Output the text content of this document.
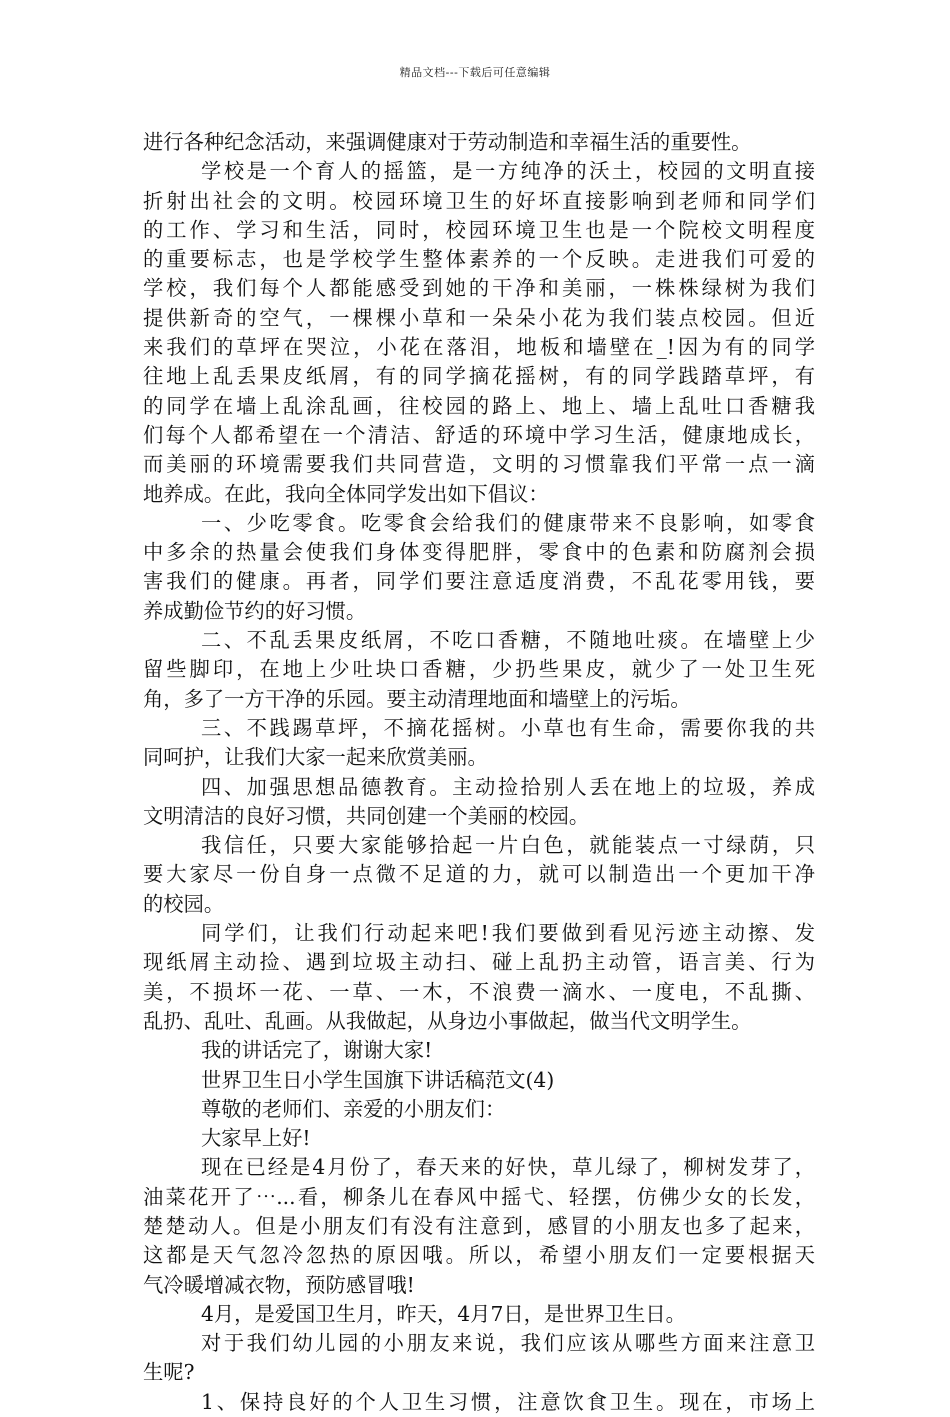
精品文档---下载后可任意编辑
进行各种纪念活动，来强调健康对于劳动制造和幸福生活的重要性。
学校是一个育人的摇篮，是一方纯净的沃土，校园的文明直接
折射出社会的文明。校园环境卫生的好坏直接影响到老师和同学们
的工作、学习和生活，同时，校园环境卫生也是一个院校文明程度
的重要标志，也是学校学生整体素养的一个反映。走进我们可爱的
学校，我们每个人都能感受到她的干净和美丽，一株株绿树为我们
提供新奇的空气，一棵棵小草和一朵朵小花为我们装点校园。但近
来我们的草坪在哭泣，小花在落泪，地板和墙壁在_!因为有的同学
往地上乱丢果皮纸屑，有的同学摘花摇树，有的同学践踏草坪，有
的同学在墙上乱涂乱画，往校园的路上、地上、墙上乱吐口香糖我
们每个人都希望在一个清洁、舒适的环境中学习生活，健康地成长，
而美丽的环境需要我们共同营造，文明的习惯靠我们平常一点一滴
地养成。在此，我向全体同学发出如下倡议：
一、少吃零食。吃零食会给我们的健康带来不良影响，如零食
中多余的热量会使我们身体变得肥胖，零食中的色素和防腐剂会损
害我们的健康。再者，同学们要注意适度消费，不乱花零用钱，要
养成勤俭节约的好习惯。
二、不乱丢果皮纸屑，不吃口香糖，不随地吐痰。在墙壁上少
留些脚印，在地上少吐块口香糖，少扔些果皮，就少了一处卫生死
角，多了一方干净的乐园。要主动清理地面和墙壁上的污垢。
三、不践踢草坪，不摘花摇树。小草也有生命，需要你我的共
同呵护，让我们大家一起来欣赏美丽。
四、加强思想品德教育。主动捡拾别人丢在地上的垃圾，养成
文明清洁的良好习惯，共同创建一个美丽的校园。
我信任，只要大家能够拾起一片白色，就能装点一寸绿荫，只
要大家尽一份自身一点微不足道的力，就可以制造出一个更加干净
的校园。
同学们，让我们行动起来吧!我们要做到看见污迹主动擦、发
现纸屑主动捡、遇到垃圾主动扫、碰上乱扔主动管，语言美、行为
美，不损坏一花、一草、一木，不浪费一滴水、一度电，不乱撕、
乱扔、乱吐、乱画。从我做起，从身边小事做起，做当代文明学生。
我的讲话完了，谢谢大家!
世界卫生日小学生国旗下讲话稿范文(4)
尊敬的老师们、亲爱的小朋友们：
大家早上好!
现在已经是4月份了，春天来的好快，草儿绿了，柳树发芽了，
油菜花开了⋯...看，柳条儿在春风中摇弋、轻摆，仿佛少女的长发，
楚楚动人。但是小朋友们有没有注意到，感冒的小朋友也多了起来，
这都是天气忽冷忽热的原因哦。所以，希望小朋友们一定要根据天
气冷暖增减衣物，预防感冒哦!
4月，是爱国卫生月，昨天，4月7日，是世界卫生日。
对于我们幼儿园的小朋友来说，我们应该从哪些方面来注意卫
生呢?
1、保持良好的个人卫生习惯，注意饮食卫生。现在，市场上
